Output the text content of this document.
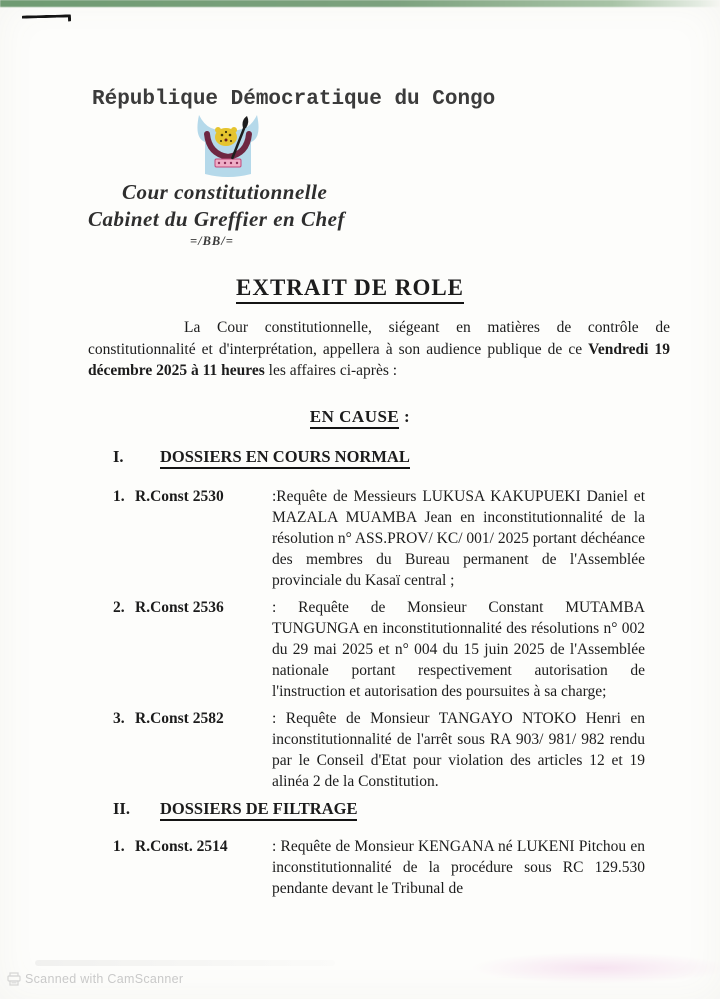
République Démocratique du Congo
Cour constitutionnelle
Cabinet du Greffier en Chef
=/BB/=
EXTRAIT DE ROLE

La Cour constitutionnelle, siégeant en matières de contrôle de constitutionnalité et d'interprétation, appellera à son audience publique de ce Vendredi 19 décembre 2025 à 11 heures les affaires ci-après :

EN CAUSE :
I. DOSSIERS EN COURS NORMAL
1. R.Const 2530	:Requête de Messieurs LUKUSA KAKUPUEKI Daniel et MAZALA MUAMBA Jean en inconstitutionnalité de la résolution n° ASS.PROV/ KC/ 001/ 2025 portant déchéance des membres du Bureau permanent de l'Assemblée provinciale du Kasaï central ;
2. R.Const 2536	: Requête de Monsieur Constant MUTAMBA TUNGUNGA en inconstitutionnalité des résolutions n° 002 du 29 mai 2025 et n° 004 du 15 juin 2025 de l'Assemblée nationale portant respectivement autorisation de l'instruction et autorisation des poursuites à sa charge;
3. R.Const 2582	: Requête de Monsieur TANGAYO NTOKO Henri en inconstitutionnalité de l'arrêt sous RA 903/ 981/ 982 rendu par le Conseil d'Etat pour violation des articles 12 et 19 alinéa 2 de la Constitution.
II. DOSSIERS DE FILTRAGE
1. R.Const. 2514	: Requête de Monsieur KENGANA né LUKENI Pitchou en inconstitutionnalité de la procédure sous RC 129.530 pendante devant le Tribunal de
Scanned with CamScanner
